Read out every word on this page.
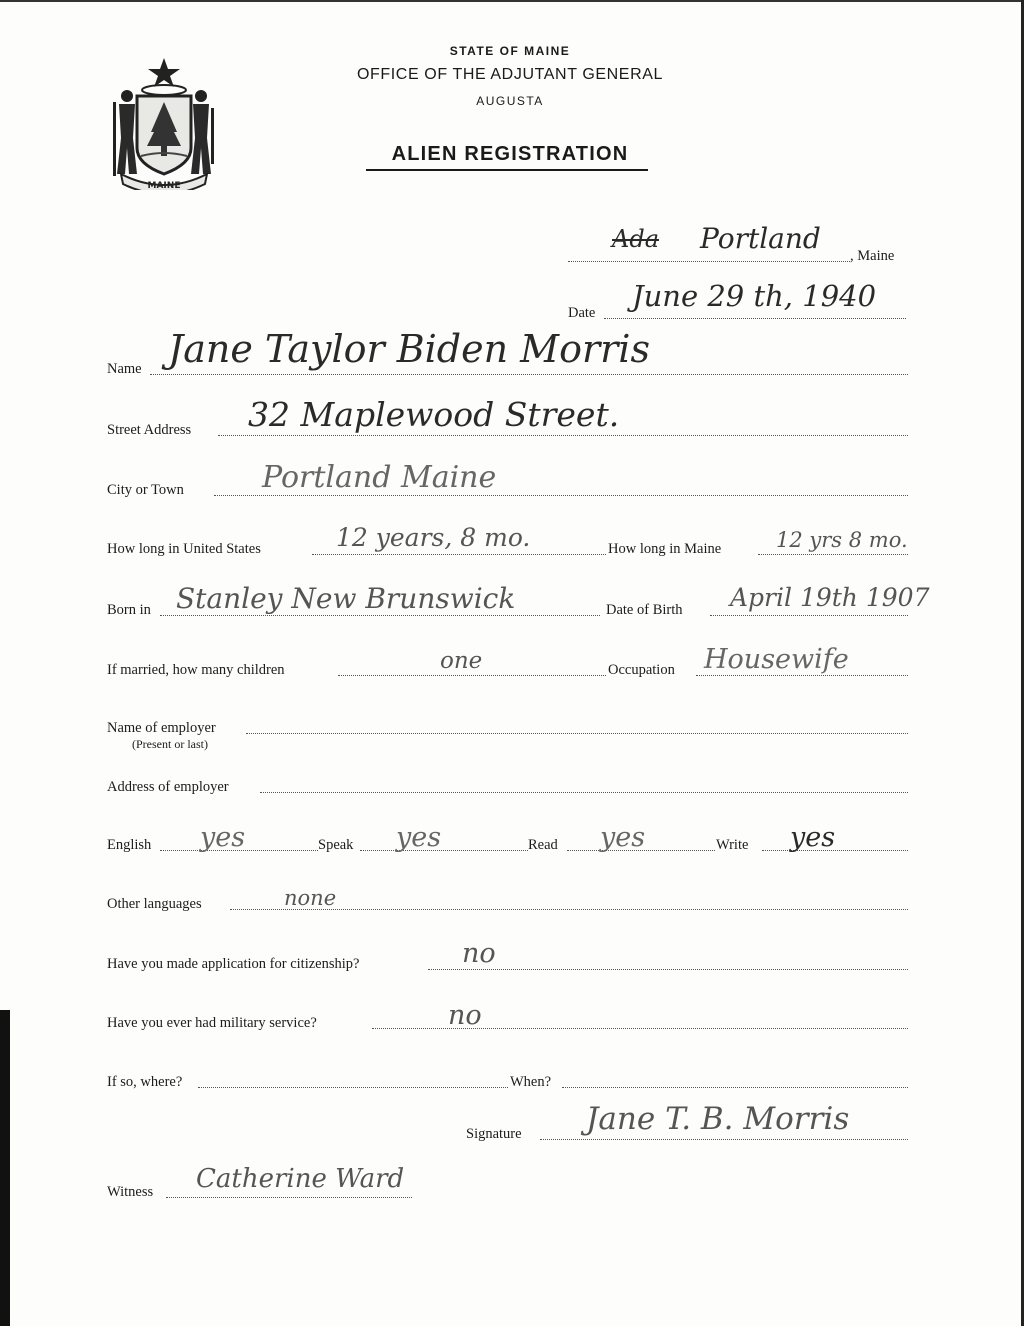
MAINE
STATE OF MAINE
OFFICE OF THE ADJUTANT GENERAL
AUGUSTA
ALIEN REGISTRATION
Ada Portland
, Maine
Date June 29 th, 1940
Name Jane Taylor Biden Morris
Street Address 32 Maplewood Street.
City or Town	Portland Maine
How long in United States	12 years, 8 mo.	How long in Maine	12 yrs 8 mo.
Born in Stanley New Brunswick	Date of Birth April 19th 1907
If married, how many children	one	Occupation Housewife
Name of employer
(Present or last)
Address of employer
English yes	Speak yes	Read yes	Write yes
Other languages	none
Have you made application for citizenship?	no
Have you ever had military service?	no
If so, where?	When?
Signature Jane T. B. Morris
Witness Catherine Ward
